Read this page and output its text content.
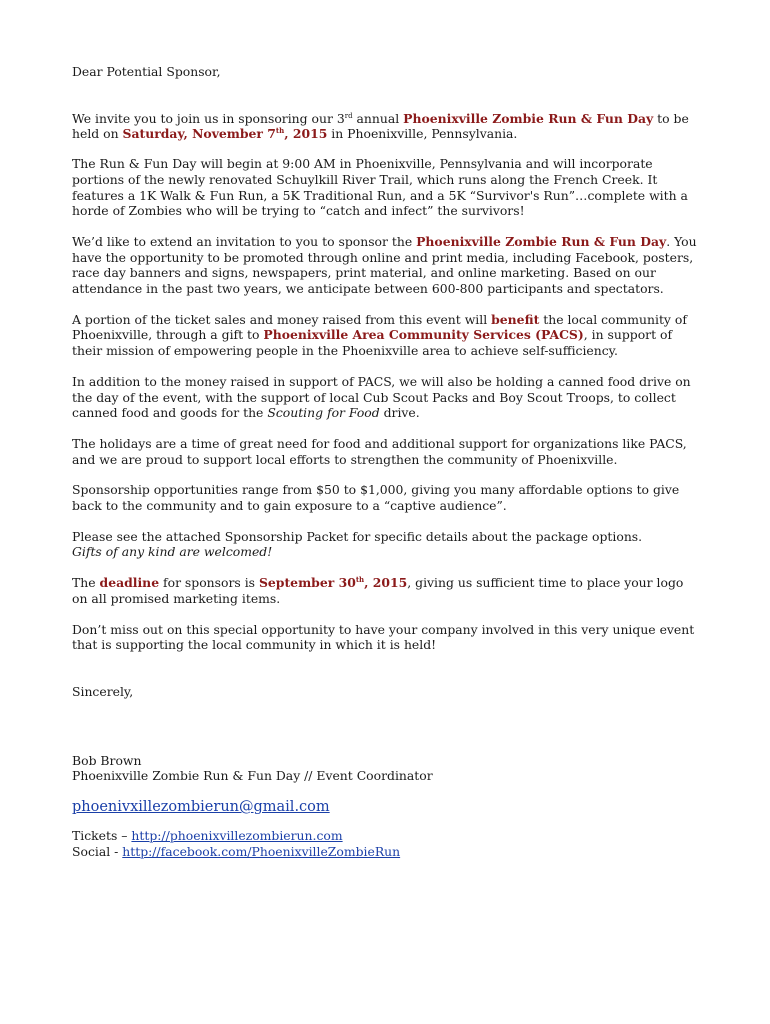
Dear Potential Sponsor,

We invite you to join us in sponsoring our 3rd annual Phoenixville Zombie Run & Fun Day to be held on Saturday, November 7th, 2015 in Phoenixville, Pennsylvania.

The Run & Fun Day will begin at 9:00 AM in Phoenixville, Pennsylvania and will incorporate portions of the newly renovated Schuylkill River Trail, which runs along the French Creek. It features a 1K Walk & Fun Run, a 5K Traditional Run, and a 5K “Survivor's Run”…complete with a horde of Zombies who will be trying to “catch and infect” the survivors!

We’d like to extend an invitation to you to sponsor the Phoenixville Zombie Run & Fun Day. You have the opportunity to be promoted through online and print media, including Facebook, posters, race day banners and signs, newspapers, print material, and online marketing. Based on our attendance in the past two years, we anticipate between 600-800 participants and spectators.

A portion of the ticket sales and money raised from this event will benefit the local community of Phoenixville, through a gift to Phoenixville Area Community Services (PACS), in support of their mission of empowering people in the Phoenixville area to achieve self-sufficiency.

In addition to the money raised in support of PACS, we will also be holding a canned food drive on the day of the event, with the support of local Cub Scout Packs and Boy Scout Troops, to collect canned food and goods for the Scouting for Food drive.

The holidays are a time of great need for food and additional support for organizations like PACS, and we are proud to support local efforts to strengthen the community of Phoenixville.

Sponsorship opportunities range from $50 to $1,000, giving you many affordable options to give back to the community and to gain exposure to a “captive audience”.

Please see the attached Sponsorship Packet for specific details about the package options.
Gifts of any kind are welcomed!

The deadline for sponsors is September 30th, 2015, giving us sufficient time to place your logo on all promised marketing items.

Don’t miss out on this special opportunity to have your company involved in this very unique event that is supporting the local community in which it is held!

Sincerely,

Bob Brown

Phoenixville Zombie Run & Fun Day // Event Coordinator

phoenivxillezombierun@gmail.com

Tickets – http://phoenixvillezombierun.com

Social - http://facebook.com/PhoenixvilleZombieRun
